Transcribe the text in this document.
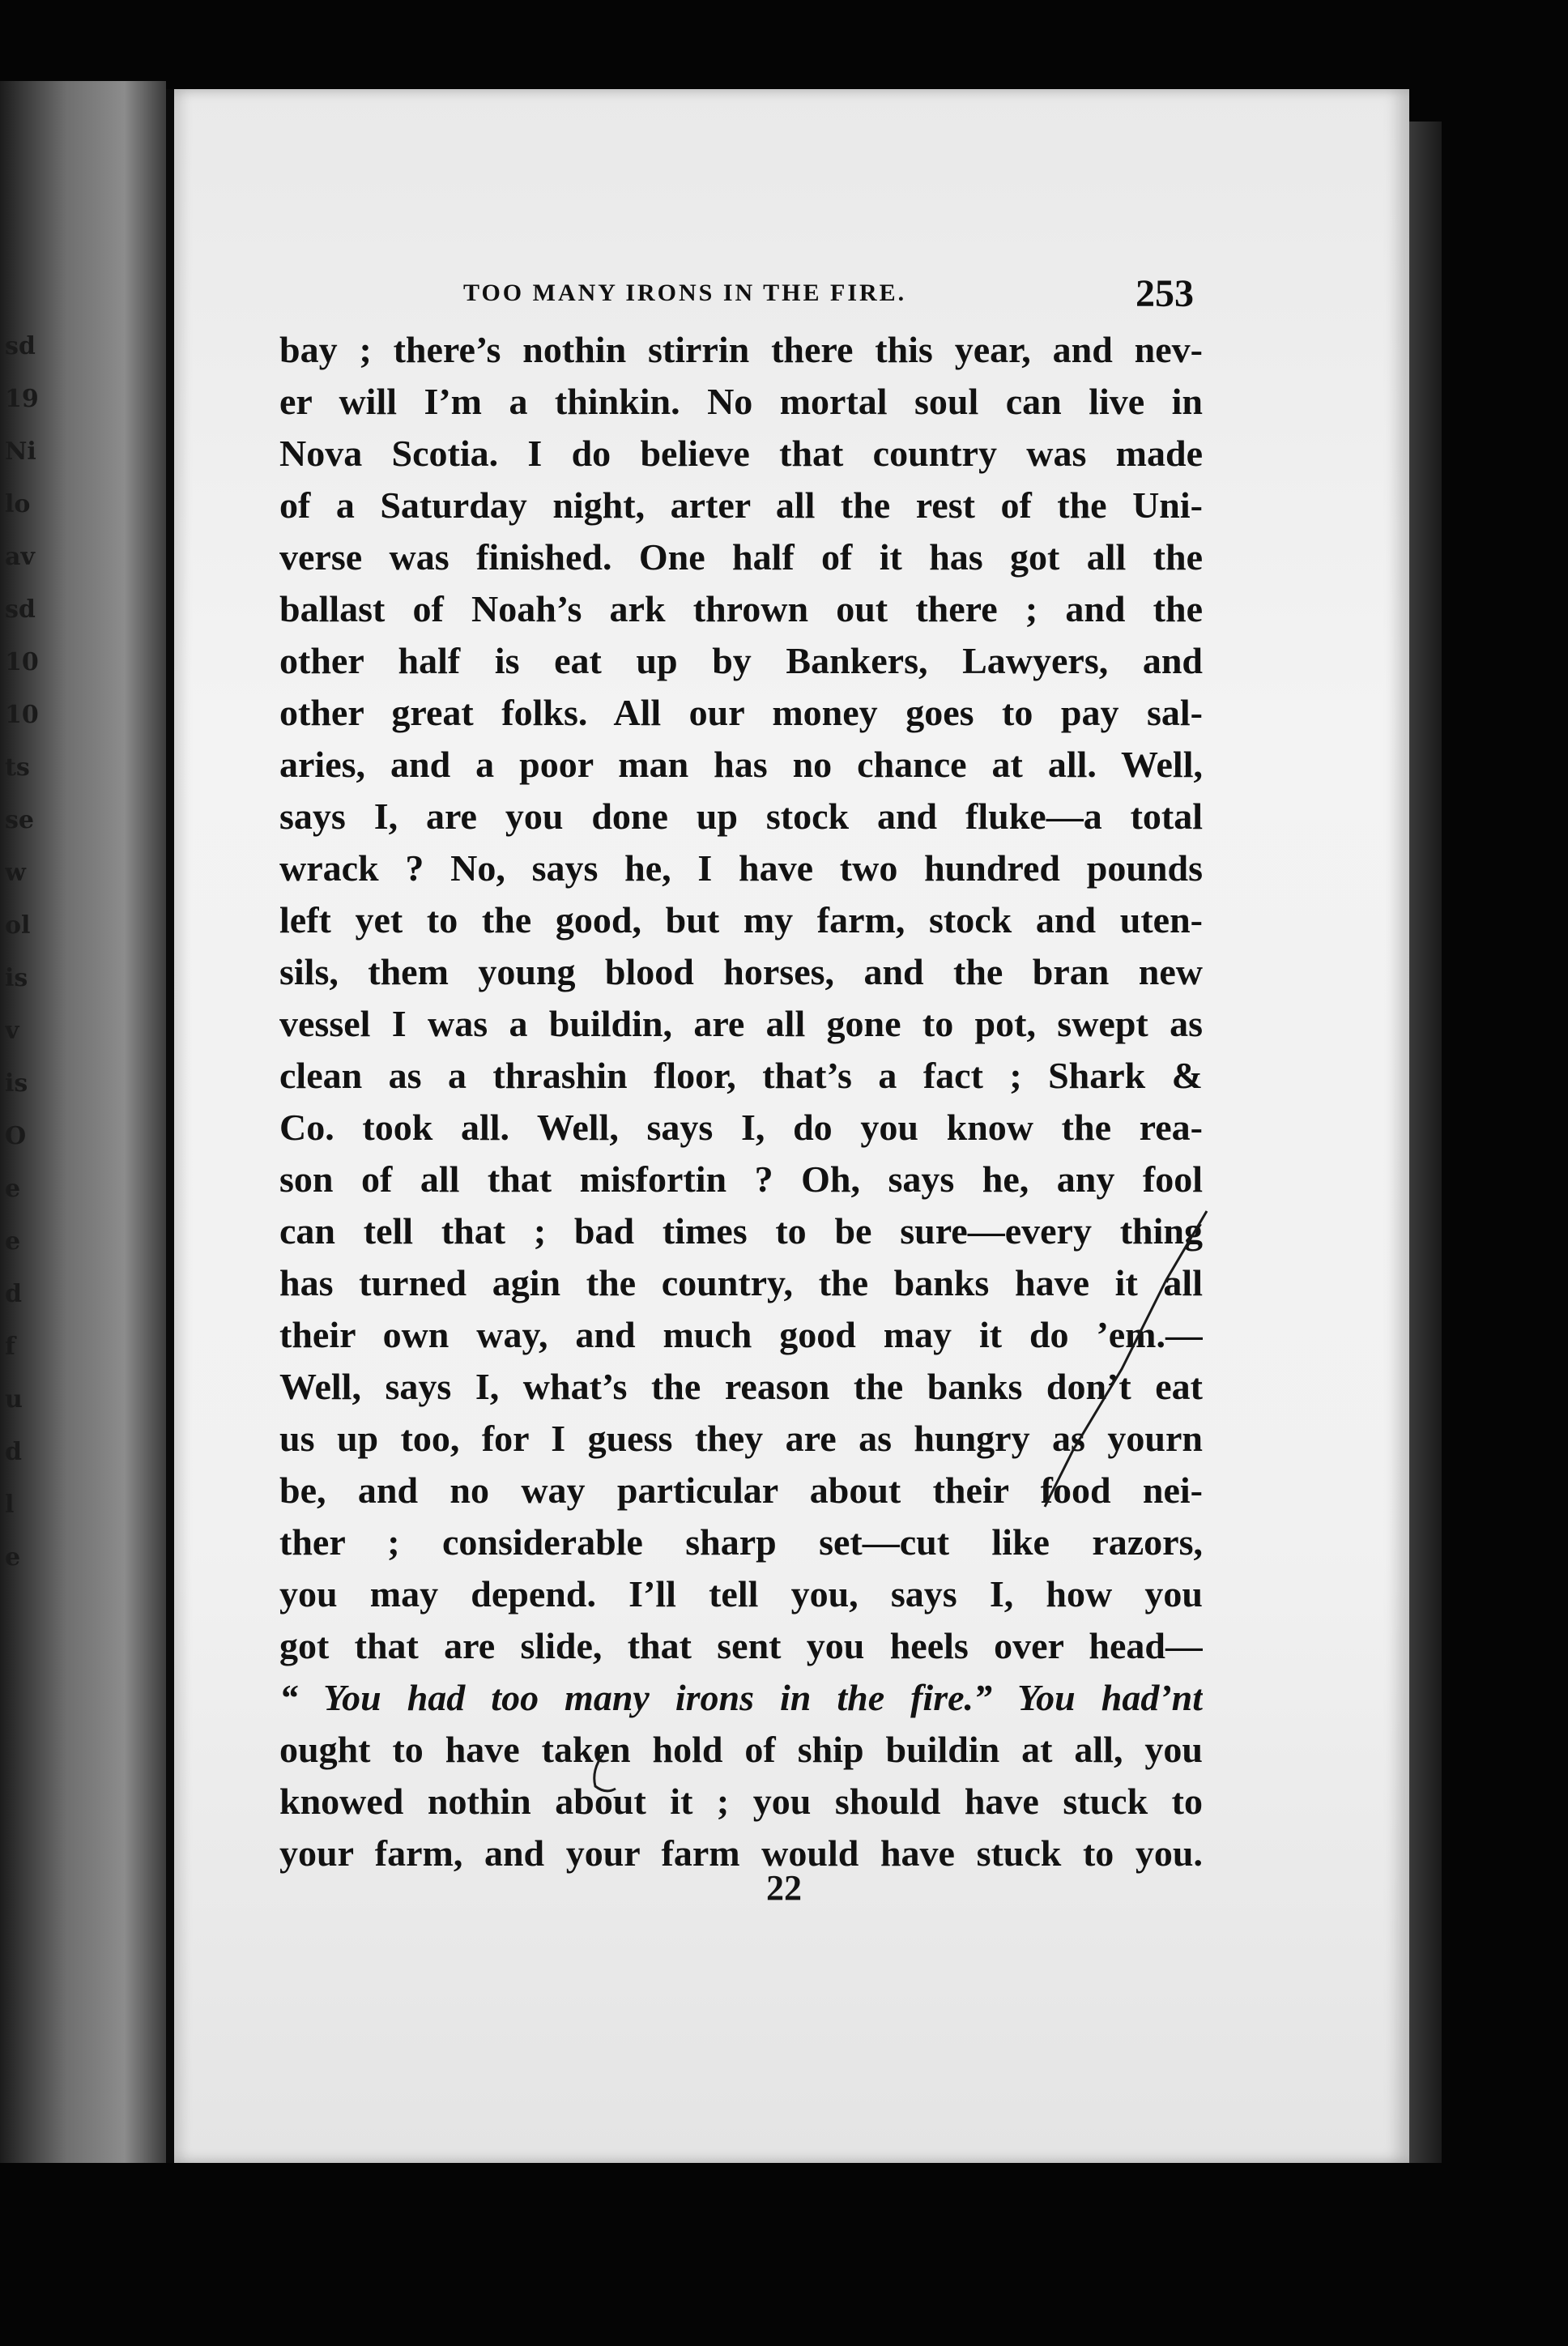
sd
19
Ni
lo
av
sd
10
10
ts
se
w
ol
is
v
is
O
e
e
d
f
u
d
l
e
TOO MANY IRONS IN THE FIRE.	253
bay ; there’s nothin stirrin there this year, and nev-
er will I’m a thinkin. No mortal soul can live in
Nova Scotia. I do believe that country was made
of a Saturday night, arter all the rest of the Uni-
verse was finished. One half of it has got all the
ballast of Noah’s ark thrown out there ; and the
other half is eat up by Bankers, Lawyers, and
other great folks. All our money goes to pay sal-
aries, and a poor man has no chance at all. Well,
says I, are you done up stock and fluke—a total
wrack ? No, says he, I have two hundred pounds
left yet to the good, but my farm, stock and uten-
sils, them young blood horses, and the bran new
vessel I was a buildin, are all gone to pot, swept as
clean as a thrashin floor, that’s a fact ; Shark &
Co. took all. Well, says I, do you know the rea-
son of all that misfortin ? Oh, says he, any fool
can tell that ; bad times to be sure—every thing
has turned agin the country, the banks have it all
their own way, and much good may it do ’em.—
Well, says I, what’s the reason the banks don’t eat
us up too, for I guess they are as hungry as yourn
be, and no way particular about their food nei-
ther ; considerable sharp set—cut like razors,
you may depend. I’ll tell you, says I, how you
got that are slide, that sent you heels over head—
“ You had too many irons in the fire.” You had’nt
ought to have taken hold of ship buildin at all, you
knowed nothin about it ; you should have stuck to
your farm, and your farm would have stuck to you.
22
